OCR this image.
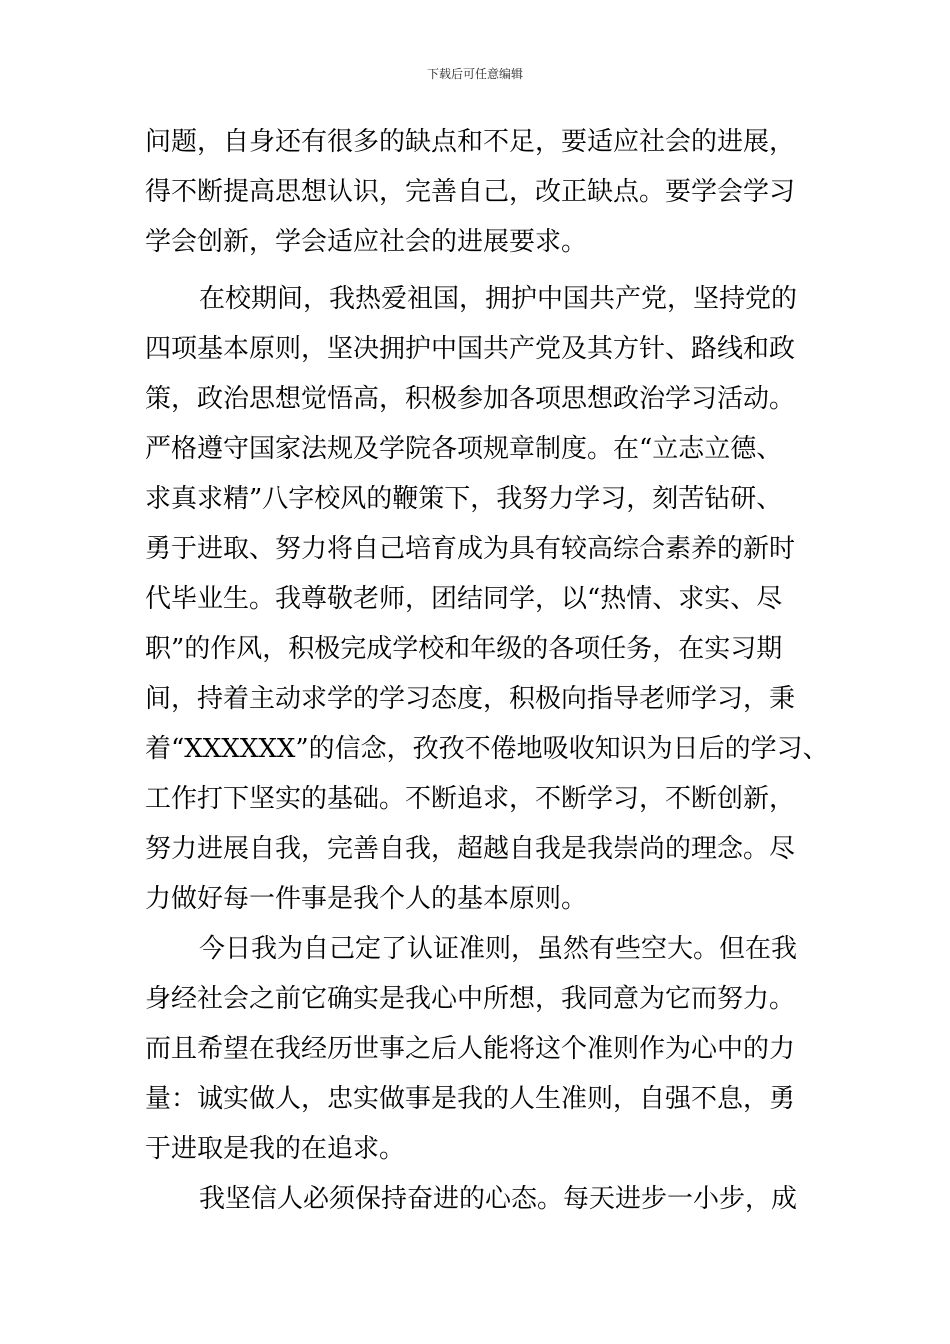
下载后可任意编辑
问题，自身还有很多的缺点和不足，要适应社会的进展，
得不断提高思想认识，完善自己，改正缺点。要学会学习
学会创新，学会适应社会的进展要求。
在校期间，我热爱祖国，拥护中国共产党，坚持党的
四项基本原则，坚决拥护中国共产党及其方针、路线和政
策，政治思想觉悟高，积极参加各项思想政治学习活动。
严格遵守国家法规及学院各项规章制度。在“立志立德、
求真求精”八字校风的鞭策下，我努力学习，刻苦钻研、
勇于进取、努力将自己培育成为具有较高综合素养的新时
代毕业生。我尊敬老师，团结同学，以“热情、求实、尽
职”的作风，积极完成学校和年级的各项任务，在实习期
间，持着主动求学的学习态度，积极向指导老师学习，秉
着“XXXXXX”的信念，孜孜不倦地吸收知识为日后的学习、
工作打下坚实的基础。不断追求，不断学习，不断创新，
努力进展自我，完善自我，超越自我是我崇尚的理念。尽
力做好每一件事是我个人的基本原则。
今日我为自己定了认证准则，虽然有些空大。但在我
身经社会之前它确实是我心中所想，我同意为它而努力。
而且希望在我经历世事之后人能将这个准则作为心中的力
量：诚实做人，忠实做事是我的人生准则，自强不息，勇
于进取是我的在追求。
我坚信人必须保持奋进的心态。每天进步一小步，成
